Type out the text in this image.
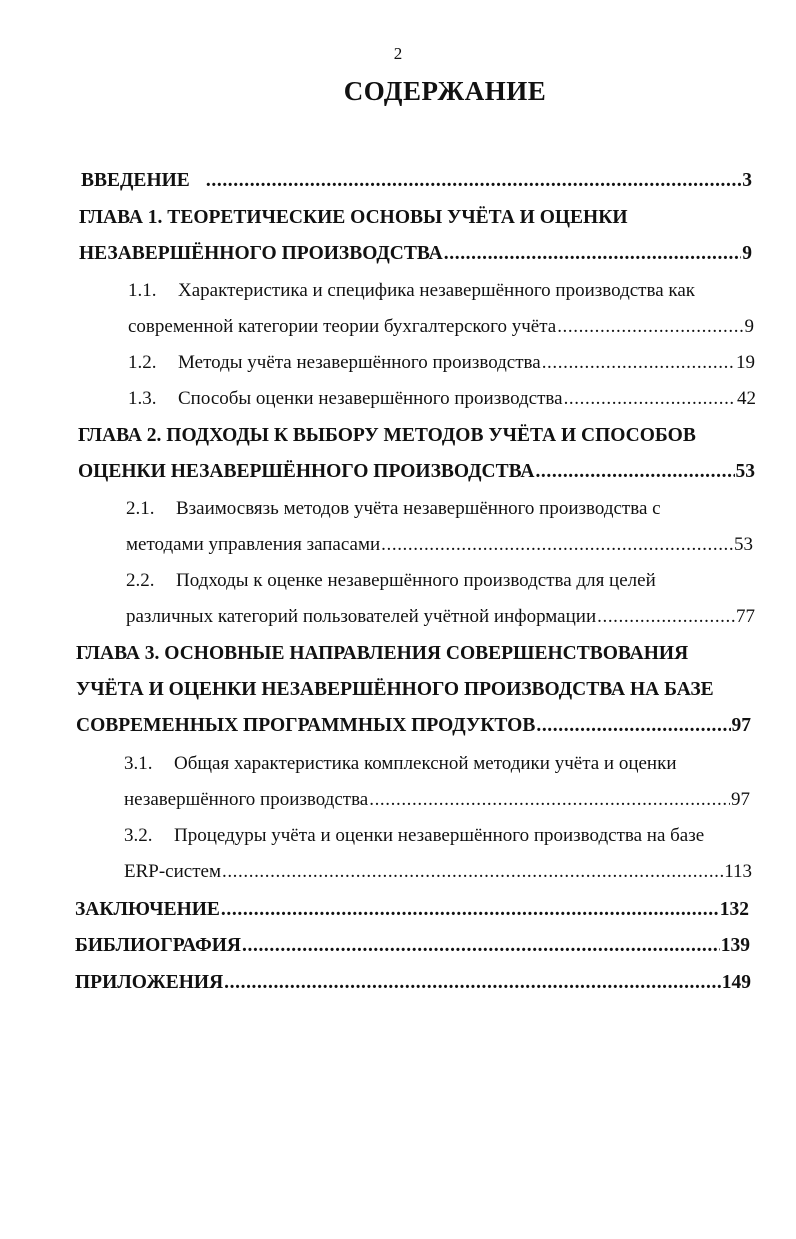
2
СОДЕРЖАНИЕ
ВВЕДЕНИЕ .....	3
ГЛАВА 1. ТЕОРЕТИЧЕСКИЕ ОСНОВЫ УЧЁТА И ОЦЕНКИ
НЕЗАВЕРШЁННОГО ПРОИЗВОДСТВА .....	9
1.1.	Характеристика и специфика незавершённого производства как
современной категории теории бухгалтерского учёта .....	9
1.2.	Методы учёта незавершённого производства .....	19
1.3.	Способы оценки незавершённого производства .....	42
ГЛАВА 2. ПОДХОДЫ К ВЫБОРУ МЕТОДОВ УЧЁТА И СПОСОБОВ
ОЦЕНКИ НЕЗАВЕРШЁННОГО ПРОИЗВОДСТВА .....	53
2.1.	Взаимосвязь методов учёта незавершённого производства с
методами управления запасами .....	53
2.2.	Подходы к оценке незавершённого производства для целей
различных категорий пользователей учётной информации .....	77
ГЛАВА 3. ОСНОВНЫЕ НАПРАВЛЕНИЯ СОВЕРШЕНСТВОВАНИЯ
УЧЁТА И ОЦЕНКИ НЕЗАВЕРШЁННОГО ПРОИЗВОДСТВА НА БАЗЕ
СОВРЕМЕННЫХ ПРОГРАММНЫХ ПРОДУКТОВ .....	97
3.1.	Общая характеристика комплексной методики учёта и оценки
незавершённого производства .....	97
3.2.	Процедуры учёта и оценки незавершённого производства на базе
ERP-систем .....	113
ЗАКЛЮЧЕНИЕ .....	132
БИБЛИОГРАФИЯ .....	139
ПРИЛОЖЕНИЯ .....	149
